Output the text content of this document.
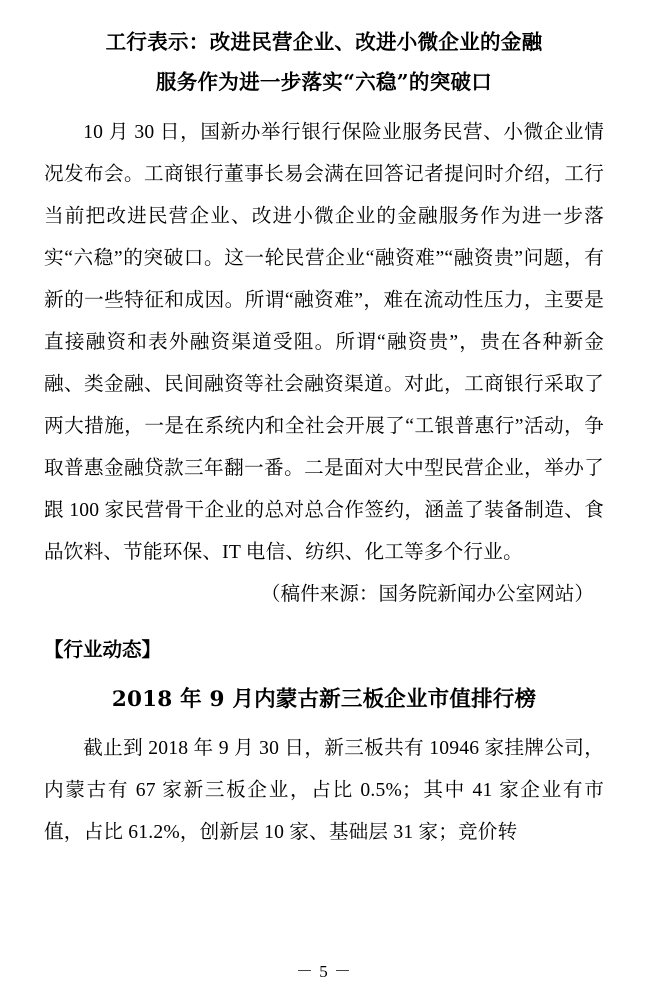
工行表示：改进民营企业、改进小微企业的金融
服务作为进一步落实“六稳”的突破口

10 月 30 日，国新办举行银行保险业服务民营、小微企业情况发布会。工商银行董事长易会满在回答记者提问时介绍，工行当前把改进民营企业、改进小微企业的金融服务作为进一步落实“六稳”的突破口。这一轮民营企业“融资难”“融资贵”问题，有新的一些特征和成因。所谓“融资难”，难在流动性压力，主要是直接融资和表外融资渠道受阻。所谓“融资贵”，贵在各种新金融、类金融、民间融资等社会融资渠道。对此，工商银行采取了两大措施，一是在系统内和全社会开展了“工银普惠行”活动，争取普惠金融贷款三年翻一番。二是面对大中型民营企业，举办了跟 100 家民营骨干企业的总对总合作签约，涵盖了装备制造、食品饮料、节能环保、IT 电信、纺织、化工等多个行业。

（稿件来源：国务院新闻办公室网站）

【行业动态】

2018 年 9 月内蒙古新三板企业市值排行榜

截止到 2018 年 9 月 30 日，新三板共有 10946 家挂牌公司，内蒙古有 67 家新三板企业，占比 0.5%；其中 41 家企业有市值，占比 61.2%，创新层 10 家、基础层 31 家；竞价转

－ 5 －
